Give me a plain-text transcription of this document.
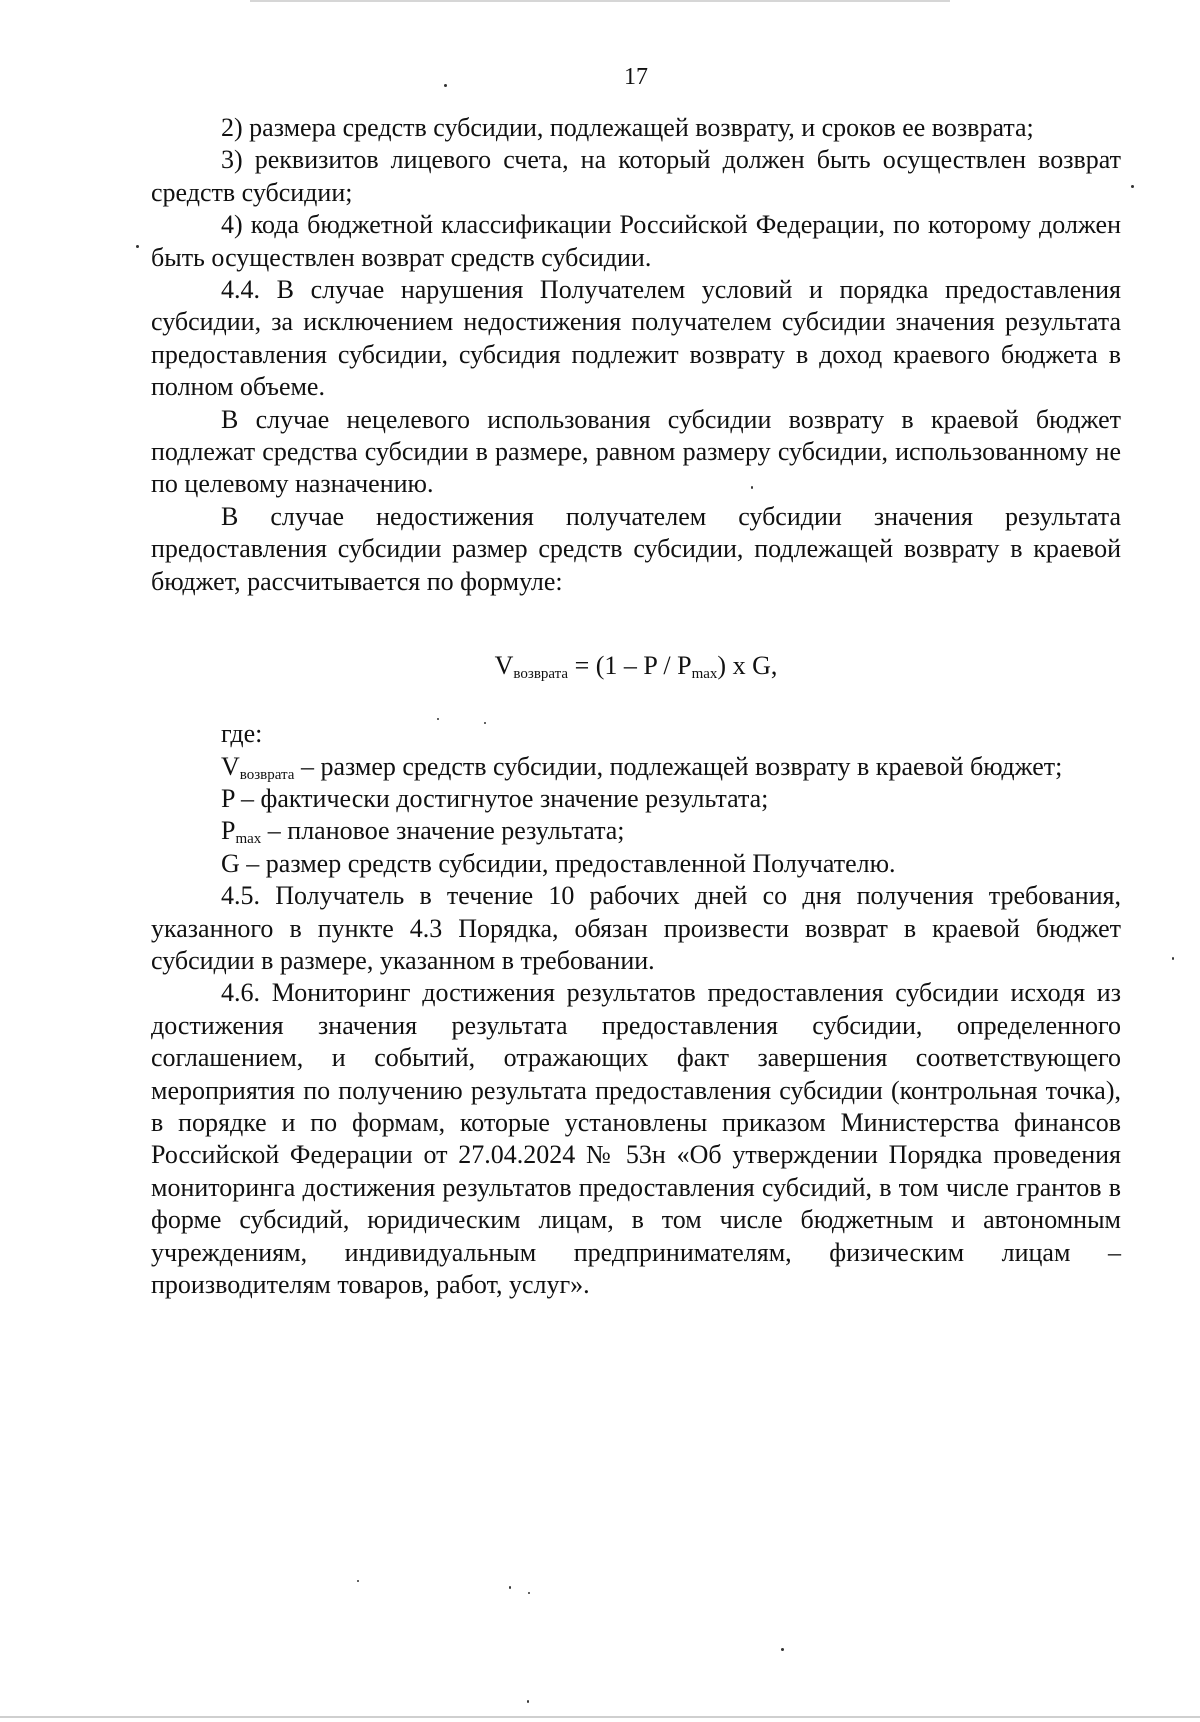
17

2) размера средств субсидии, подлежащей возврату, и сроков ее возврата;

3) реквизитов лицевого счета, на который должен быть осуществлен возврат средств субсидии;

4) кода бюджетной классификации Российской Федерации, по которому должен быть осуществлен возврат средств субсидии.

4.4. В случае нарушения Получателем условий и порядка предоставления субсидии, за исключением недостижения получателем субсидии значения результата предоставления субсидии, субсидия подлежит возврату в доход краевого бюджета в полном объеме.

В случае нецелевого использования субсидии возврату в краевой бюджет подлежат средства субсидии в размере, равном размеру субсидии, использованному не по целевому назначению.

В случае недостижения получателем субсидии значения результата предоставления субсидии размер средств субсидии, подлежащей возврату в краевой бюджет, рассчитывается по формуле:

$V_{возврата} = (1 - P / P_{max})$ x G,

где:

$V_{возврата}$ – размер средств субсидии, подлежащей возврату в краевой бюджет;

P – фактически достигнутое значение результата;

$P_{max}$ – плановое значение результата;

G – размер средств субсидии, предоставленной Получателю.

4.5. Получатель в течение 10 рабочих дней со дня получения требования, указанного в пункте 4.3 Порядка, обязан произвести возврат в краевой бюджет субсидии в размере, указанном в требовании.

4.6. Мониторинг достижения результатов предоставления субсидии исходя из достижения значения результата предоставления субсидии, определенного соглашением, и событий, отражающих факт завершения соответствующего мероприятия по получению результата предоставления субсидии (контрольная точка), в порядке и по формам, которые установлены приказом Министерства финансов Российской Федерации от 27.04.2024 № 53н «Об утверждении Порядка проведения мониторинга достижения результатов предоставления субсидий, в том числе грантов в форме субсидий, юридическим лицам, в том числе бюджетным и автономным учреждениям, индивидуальным предпринимателям, физическим лицам – производителям товаров, работ, услуг».
